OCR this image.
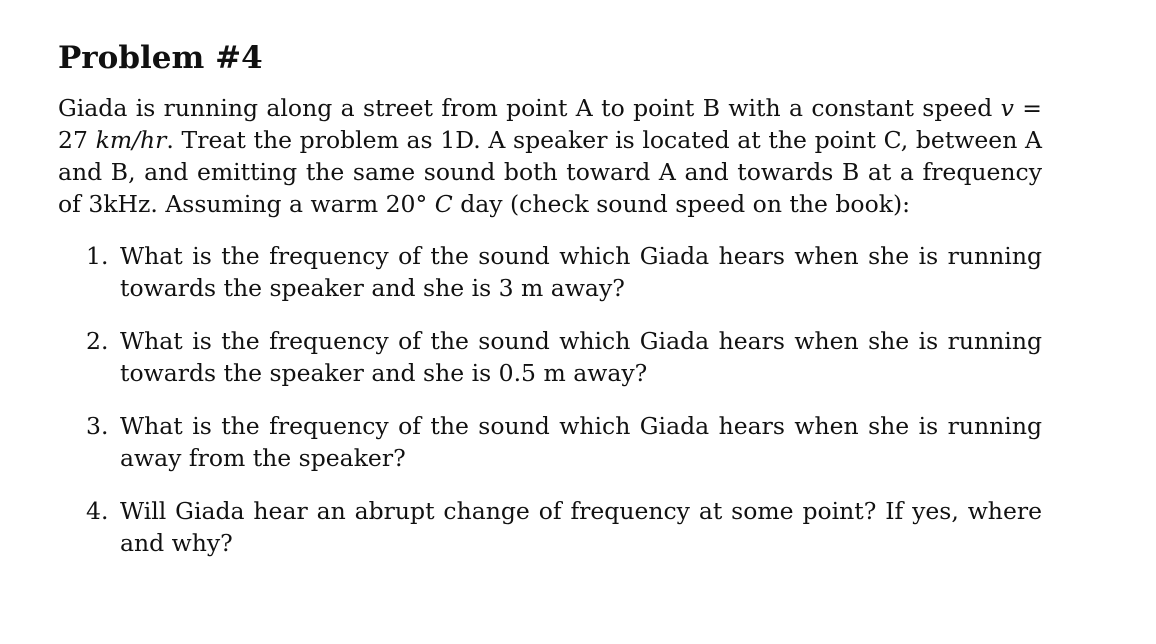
Problem #4

Giada is running along a street from point A to point B with a constant speed v = 27 km/hr. Treat the problem as 1D. A speaker is located at the point C, between A and B, and emitting the same sound both toward A and towards B at a frequency of 3kHz. Assuming a warm 20° C day (check sound speed on the book):

1. What is the frequency of the sound which Giada hears when she is running towards the speaker and she is 3 m away?
2. What is the frequency of the sound which Giada hears when she is running towards the speaker and she is 0.5 m away?
3. What is the frequency of the sound which Giada hears when she is running away from the speaker?
4. Will Giada hear an abrupt change of frequency at some point? If yes, where and why?
